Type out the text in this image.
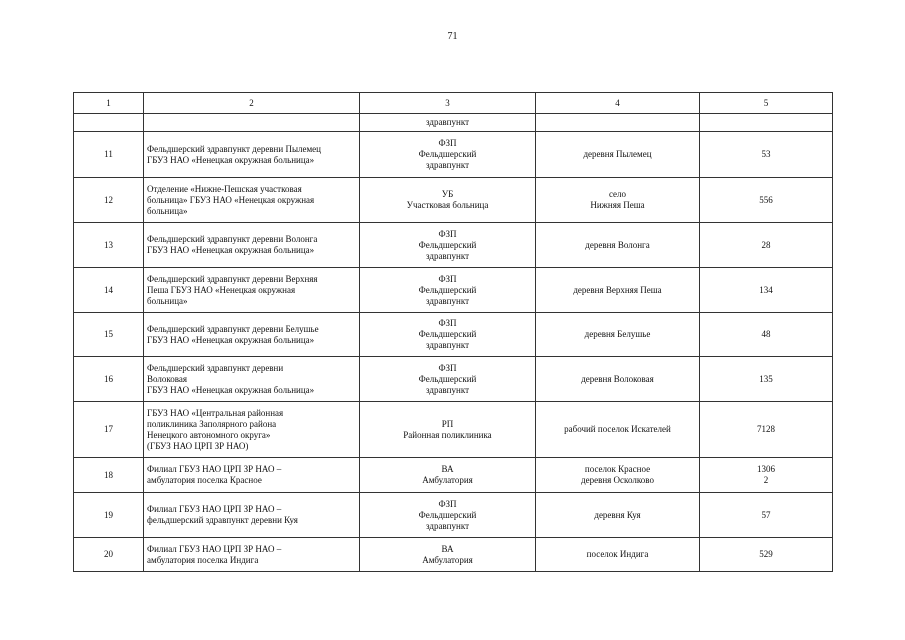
71
1	2	3	4	5
		здравпункт		

11	Фельдшерский здравпункт деревни Пылемец
ГБУЗ НАО «Ненецкая окружная больница»	ФЗП
Фельдшерский
здравпункт	деревня Пылемец	53

12	Отделение «Нижне-Пешская участковая
больница» ГБУЗ НАО «Ненецкая окружная
больница»	УБ
Участковая больница	село
Нижняя Пеша	556

13	Фельдшерский здравпункт деревни Волонга
ГБУЗ НАО «Ненецкая окружная больница»	ФЗП
Фельдшерский
здравпункт	деревня Волонга	28

14	Фельдшерский здравпункт деревни Верхняя
Пеша ГБУЗ НАО «Ненецкая окружная
больница»	ФЗП
Фельдшерский
здравпункт	деревня Верхняя Пеша	134

15	Фельдшерский здравпункт деревни Белушье
ГБУЗ НАО «Ненецкая окружная больница»	ФЗП
Фельдшерский
здравпункт	деревня Белушье	48

16	Фельдшерский здравпункт деревни
Волоковая
ГБУЗ НАО «Ненецкая окружная больница»	ФЗП
Фельдшерский
здравпункт	деревня Волоковая	135

17	ГБУЗ НАО «Центральная районная
поликлиника Заполярного района
Ненецкого автономного округа»
(ГБУЗ НАО ЦРП ЗР НАО)	РП
Районная поликлиника	рабочий поселок Искателей	7128

18	Филиал ГБУЗ НАО ЦРП ЗР НАО –
амбулатория поселка Красное	ВА
Амбулатория	поселок Красное
деревня Осколково	1306
2

19	Филиал ГБУЗ НАО ЦРП ЗР НАО –
фельдшерский здравпункт деревни Куя	ФЗП
Фельдшерский
здравпункт	деревня Куя	57

20	Филиал ГБУЗ НАО ЦРП ЗР НАО –
амбулатория поселка Индига	ВА
Амбулатория	поселок Индига	529
